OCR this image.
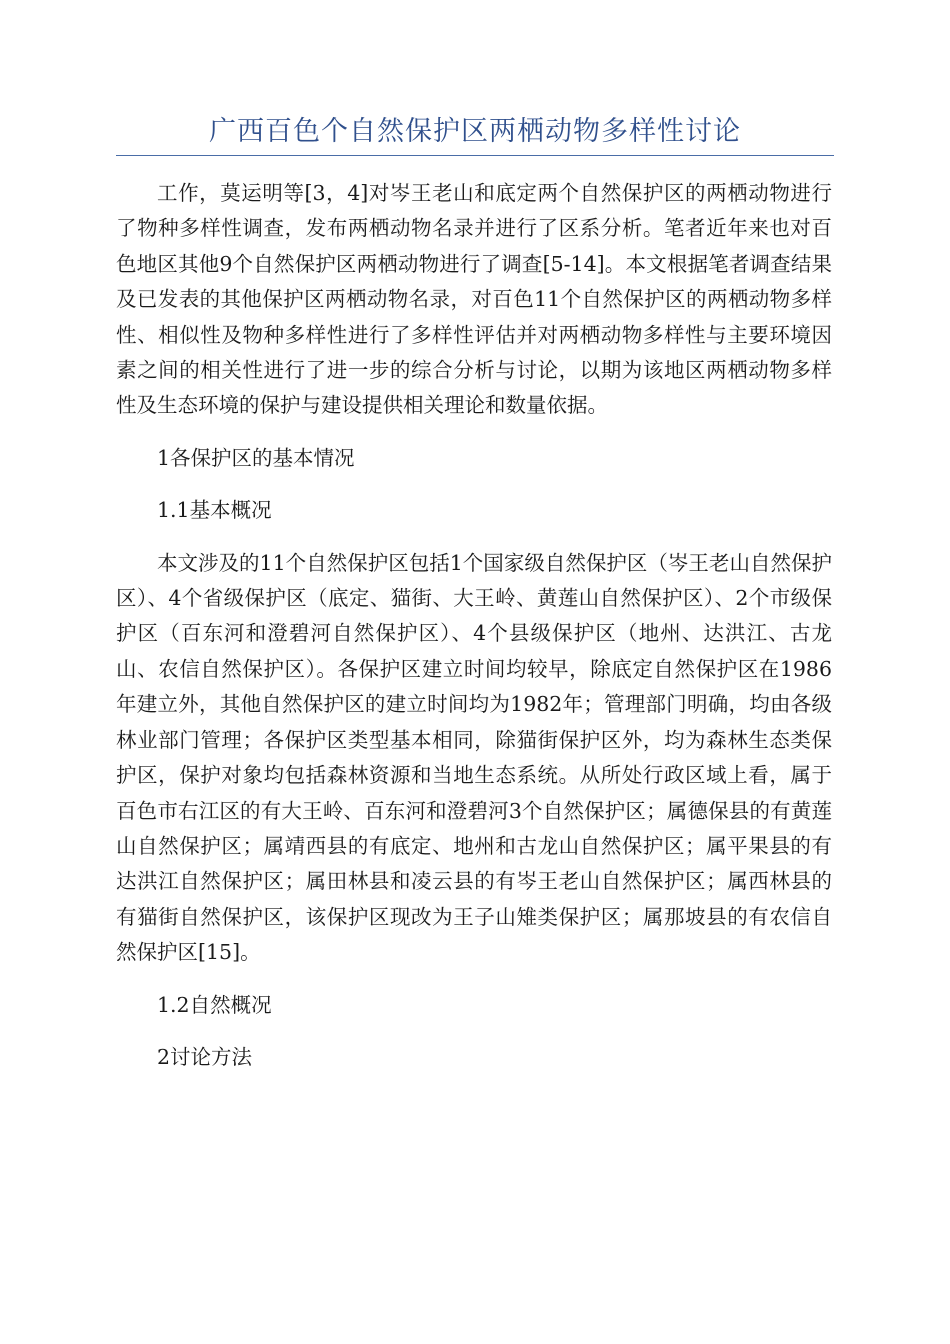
广西百色个自然保护区两栖动物多样性讨论

工作，莫运明等[3，4]对岑王老山和底定两个自然保护区的两栖动物进行了物种多样性调查，发布两栖动物名录并进行了区系分析。笔者近年来也对百色地区其他9个自然保护区两栖动物进行了调查[5-14]。本文根据笔者调查结果及已发表的其他保护区两栖动物名录，对百色11个自然保护区的两栖动物多样性、相似性及物种多样性进行了多样性评估并对两栖动物多样性与主要环境因素之间的相关性进行了进一步的综合分析与讨论，以期为该地区两栖动物多样性及生态环境的保护与建设提供相关理论和数量依据。

1各保护区的基本情况

1.1基本概况

本文涉及的11个自然保护区包括1个国家级自然保护区（岑王老山自然保护区）、4个省级保护区（底定、猫街、大王岭、黄莲山自然保护区）、2个市级保护区（百东河和澄碧河自然保护区）、4个县级保护区（地州、达洪江、古龙山、农信自然保护区）。各保护区建立时间均较早，除底定自然保护区在1986年建立外，其他自然保护区的建立时间均为1982年；管理部门明确，均由各级林业部门管理；各保护区类型基本相同，除猫街保护区外，均为森林生态类保护区，保护对象均包括森林资源和当地生态系统。从所处行政区域上看，属于百色市右江区的有大王岭、百东河和澄碧河3个自然保护区；属德保县的有黄莲山自然保护区；属靖西县的有底定、地州和古龙山自然保护区；属平果县的有达洪江自然保护区；属田林县和凌云县的有岑王老山自然保护区；属西林县的有猫街自然保护区，该保护区现改为王子山雉类保护区；属那坡县的有农信自然保护区[15]。

1.2自然概况

2讨论方法
